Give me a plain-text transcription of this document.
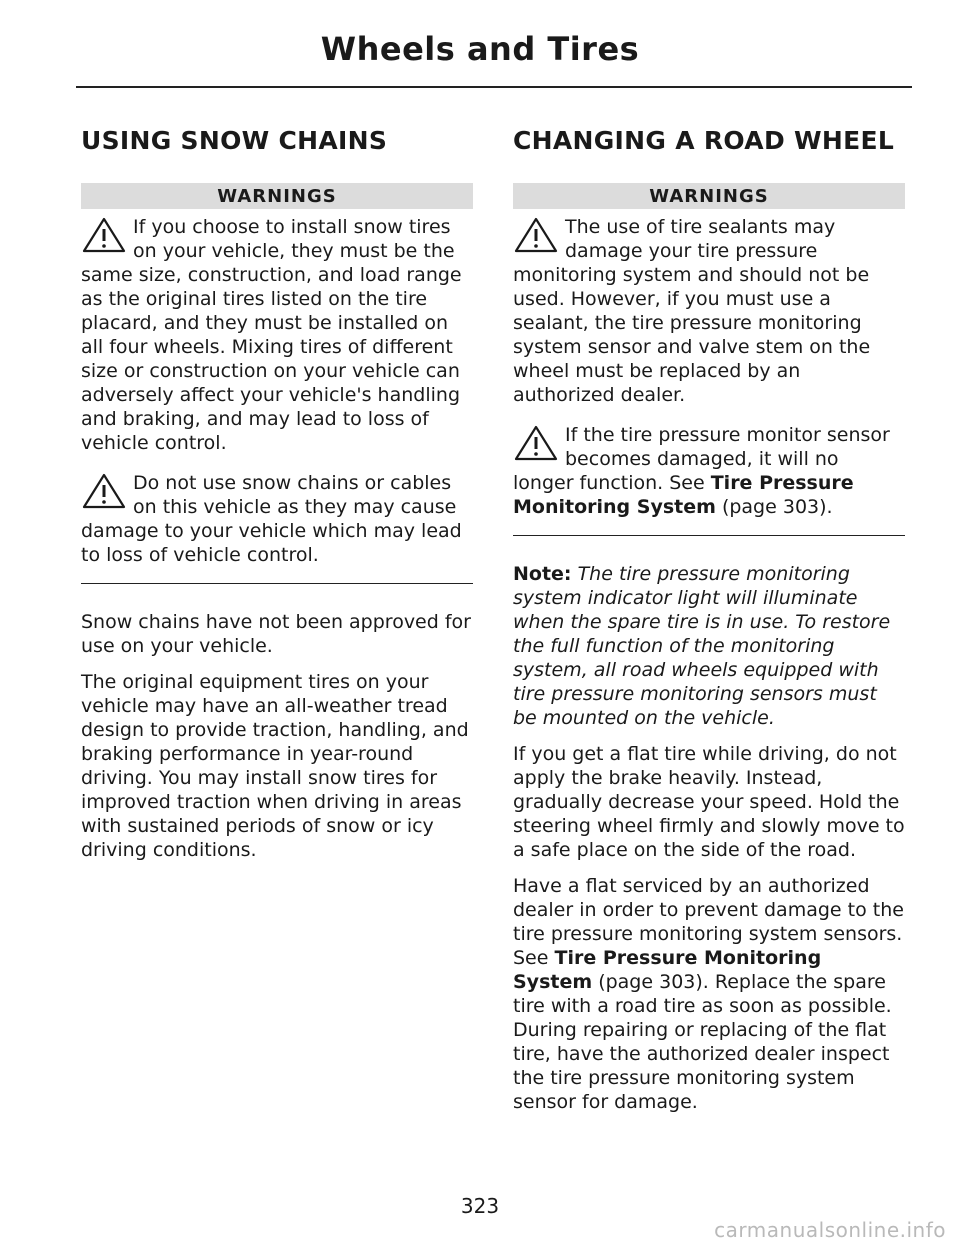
Wheels and Tires
USING SNOW CHAINS
WARNINGS
If you choose to install snow tires on your vehicle, they must be the same size, construction, and load range as the original tires listed on the tire placard, and they must be installed on all four wheels. Mixing tires of different size or construction on your vehicle can adversely affect your vehicle's handling and braking, and may lead to loss of vehicle control.
Do not use snow chains or cables on this vehicle as they may cause damage to your vehicle which may lead to loss of vehicle control.

Snow chains have not been approved for use on your vehicle.

The original equipment tires on your vehicle may have an all-weather tread design to provide traction, handling, and braking performance in year-round driving. You may install snow tires for improved traction when driving in areas with sustained periods of snow or icy driving conditions.

CHANGING A ROAD WHEEL
WARNINGS
The use of tire sealants may damage your tire pressure monitoring system and should not be used. However, if you must use a sealant, the tire pressure monitoring system sensor and valve stem on the wheel must be replaced by an authorized dealer.
If the tire pressure monitor sensor becomes damaged, it will no longer function. See Tire Pressure Monitoring System (page 303).

Note: The tire pressure monitoring system indicator light will illuminate when the spare tire is in use. To restore the full function of the monitoring system, all road wheels equipped with tire pressure monitoring sensors must be mounted on the vehicle.

If you get a flat tire while driving, do not apply the brake heavily. Instead, gradually decrease your speed. Hold the steering wheel firmly and slowly move to a safe place on the side of the road.

Have a flat serviced by an authorized dealer in order to prevent damage to the tire pressure monitoring system sensors. See Tire Pressure Monitoring System (page 303). Replace the spare tire with a road tire as soon as possible. During repairing or replacing of the flat tire, have the authorized dealer inspect the tire pressure monitoring system sensor for damage.

323
carmanualsonline.info
